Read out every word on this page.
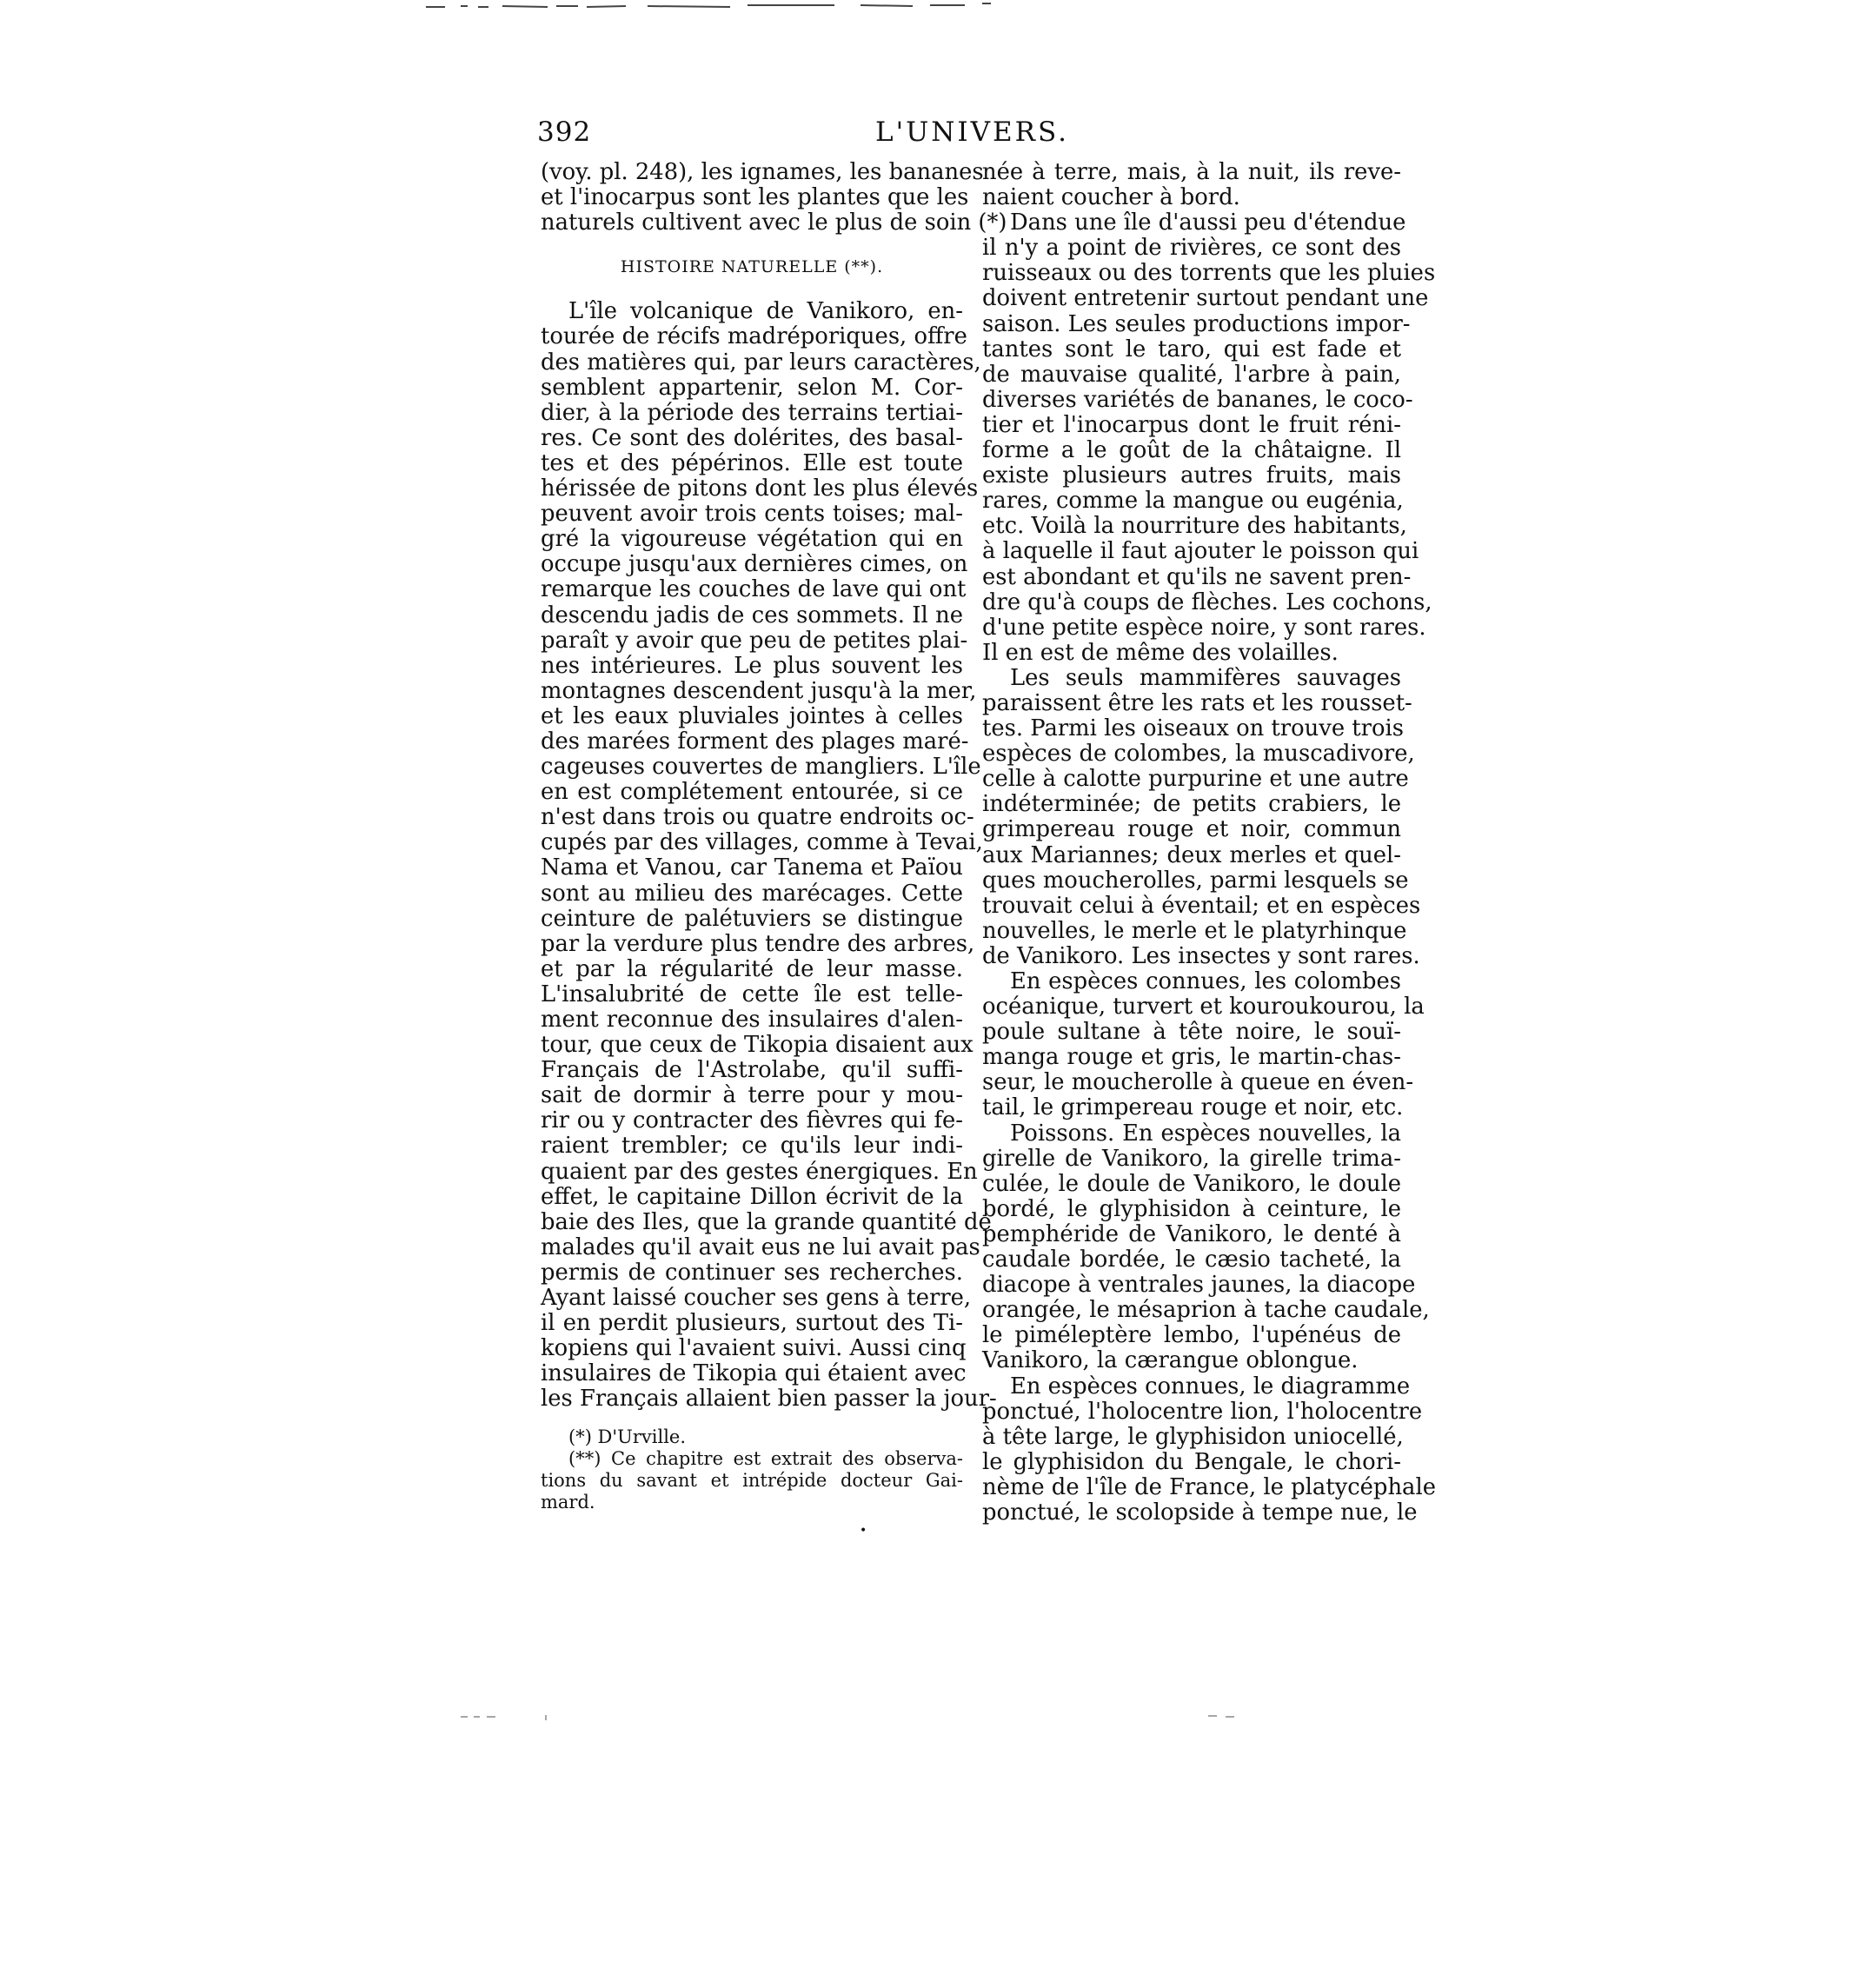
392	L'UNIVERS.
(voy. pl. 248), les ignames, les bananes
et l'inocarpus sont les plantes que les
naturels cultivent avec le plus de soin (*)
HISTOIRE NATURELLE (**).
L'île volcanique de Vanikoro, en-
tourée de récifs madréporiques, offre
des matières qui, par leurs caractères,
semblent appartenir, selon M. Cor-
dier, à la période des terrains tertiai-
res. Ce sont des dolérites, des basal-
tes et des pépérinos. Elle est toute
hérissée de pitons dont les plus élevés
peuvent avoir trois cents toises; mal-
gré la vigoureuse végétation qui en
occupe jusqu'aux dernières cimes, on
remarque les couches de lave qui ont
descendu jadis de ces sommets. Il ne
paraît y avoir que peu de petites plai-
nes intérieures. Le plus souvent les
montagnes descendent jusqu'à la mer,
et les eaux pluviales jointes à celles
des marées forment des plages maré-
cageuses couvertes de mangliers. L'île
en est complétement entourée, si ce
n'est dans trois ou quatre endroits oc-
cupés par des villages, comme à Tevai,
Nama et Vanou, car Tanema et Païou
sont au milieu des marécages. Cette
ceinture de palétuviers se distingue
par la verdure plus tendre des arbres,
et par la régularité de leur masse.
L'insalubrité de cette île est telle-
ment reconnue des insulaires d'alen-
tour, que ceux de Tikopia disaient aux
Français de l'Astrolabe, qu'il suffi-
sait de dormir à terre pour y mou-
rir ou y contracter des fièvres qui fe-
raient trembler; ce qu'ils leur indi-
quaient par des gestes énergiques. En
effet, le capitaine Dillon écrivit de la
baie des Iles, que la grande quantité de
malades qu'il avait eus ne lui avait pas
permis de continuer ses recherches.
Ayant laissé coucher ses gens à terre,
il en perdit plusieurs, surtout des Ti-
kopiens qui l'avaient suivi. Aussi cinq
insulaires de Tikopia qui étaient avec
les Français allaient bien passer la jour-
(*) D'Urville.
(**) Ce chapitre est extrait des observa-
tions du savant et intrépide docteur Gai-
mard.
née à terre, mais, à la nuit, ils reve-
naient coucher à bord.
Dans une île d'aussi peu d'étendue
il n'y a point de rivières, ce sont des
ruisseaux ou des torrents que les pluies
doivent entretenir surtout pendant une
saison. Les seules productions impor-
tantes sont le taro, qui est fade et
de mauvaise qualité, l'arbre à pain,
diverses variétés de bananes, le coco-
tier et l'inocarpus dont le fruit réni-
forme a le goût de la châtaigne. Il
existe plusieurs autres fruits, mais
rares, comme la mangue ou eugénia,
etc. Voilà la nourriture des habitants,
à laquelle il faut ajouter le poisson qui
est abondant et qu'ils ne savent pren-
dre qu'à coups de flèches. Les cochons,
d'une petite espèce noire, y sont rares.
Il en est de même des volailles.
Les seuls mammifères sauvages
paraissent être les rats et les rousset-
tes. Parmi les oiseaux on trouve trois
espèces de colombes, la muscadivore,
celle à calotte purpurine et une autre
indéterminée; de petits crabiers, le
grimpereau rouge et noir, commun
aux Mariannes; deux merles et quel-
ques moucherolles, parmi lesquels se
trouvait celui à éventail; et en espèces
nouvelles, le merle et le platyrhinque
de Vanikoro. Les insectes y sont rares.
En espèces connues, les colombes
océanique, turvert et kouroukourou, la
poule sultane à tête noire, le souï-
manga rouge et gris, le martin-chas-
seur, le moucherolle à queue en éven-
tail, le grimpereau rouge et noir, etc.
Poissons. En espèces nouvelles, la
girelle de Vanikoro, la girelle trima-
culée, le doule de Vanikoro, le doule
bordé, le glyphisidon à ceinture, le
pemphéride de Vanikoro, le denté à
caudale bordée, le cæsio tacheté, la
diacope à ventrales jaunes, la diacope
orangée, le mésaprion à tache caudale,
le piméleptère lembo, l'upénéus de
Vanikoro, la cærangue oblongue.
En espèces connues, le diagramme
ponctué, l'holocentre lion, l'holocentre
à tête large, le glyphisidon uniocellé,
le glyphisidon du Bengale, le chori-
nème de l'île de France, le platycéphale
ponctué, le scolopside à tempe nue, le
•
